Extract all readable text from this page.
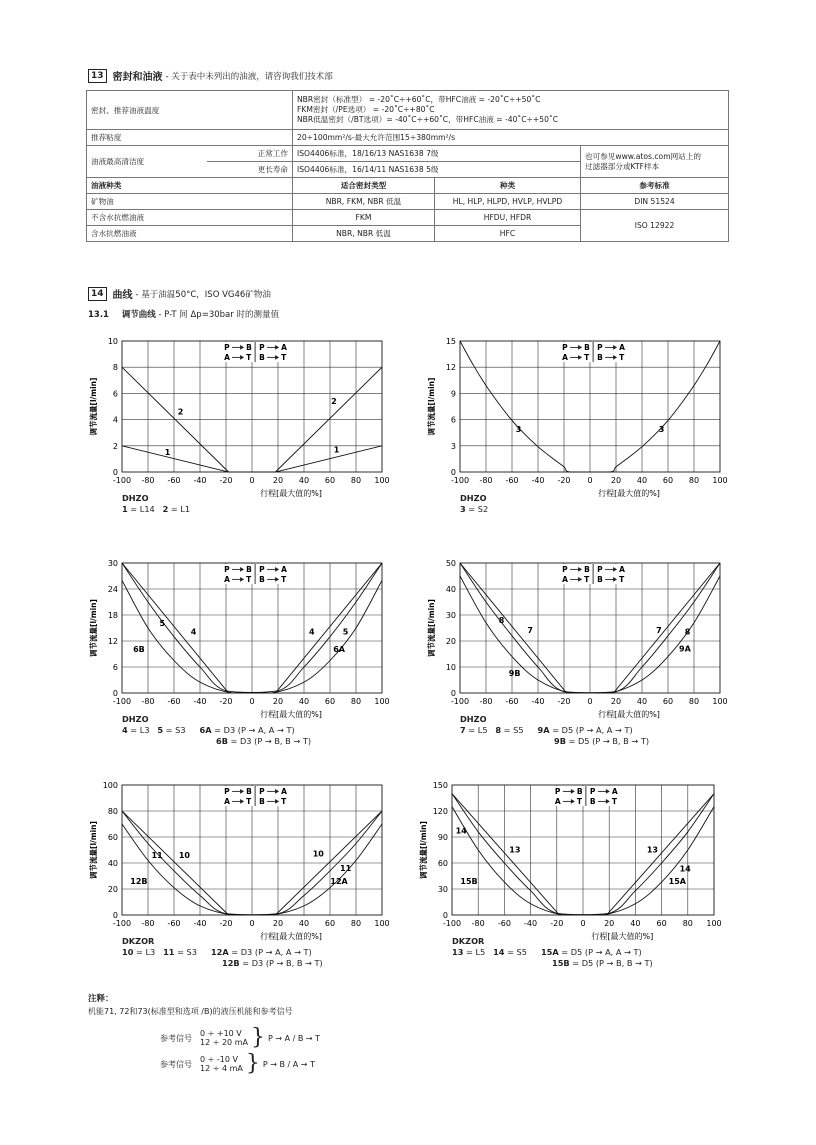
13 密封和油液 - 关于表中未列出的油液，请咨询我们技术部
密封、推荐油液温度		NBR密封（标准型） = -20˚C÷+60˚C，带HFC油液 = -20˚C÷+50˚C
FKM密封（/PE选项） = -20˚C÷+80˚C
NBR低温密封（/BT选项）= -40˚C÷+60˚C，带HFC油液 = -40˚C÷+50˚C		

推荐粘度		20÷100mm²/s-最大允许范围15÷380mm²/s		
油液最高清洁度	正常工作	ISO4406标准，18/16/13 NAS1638 7级		也可参见www.atos.com网站上的
过滤器部分或KTF样本

	更长寿命	ISO4406标准，16/14/11 NAS1638 5级		
油液种类		适合密封类型	种类	参考标准
矿物油		NBR, FKM, NBR 低温	HL, HLP, HLPD, HVLP, HVLPD	DIN 51524
不含水抗燃油液		FKM	HFDU, HFDR	ISO 12922
含水抗燃油液		NBR, NBR 低温	HFC	
14 曲线 - 基于油温50°C，ISO VG46矿物油
13.1 调节曲线 - P-T 间 Δp=30bar 时的测量值
0
2
4
6
8
10
-100 -80 -60 -40 -20 0 20 40 60 80 100
调节流量[l/min]
行程[最大值的%]
P B P A
A T B T
2
1
2
1
DHZO
1 = L14   2 = L1
0
3
6
9
12
15
-100 -80 -60 -40 -20 0 20 40 60 80 100
调节流量[l/min]
行程[最大值的%]
P B P A
A T B T
3	3
DHZO
3 = S2
0
6
12
18
24
30
-100 -80 -60 -40 -20 0 20 40 60 80 100
调节流量[l/min]
行程[最大值的%]
P B P A
A T B T
5
4
6B
4	5
6A
DHZO
4 = L3   5 = S3 6A = D3 (P → A, A → T)
6B = D3 (P → B, B → T)
0
10
20
30
40
50
-100 -80 -60 -40 -20 0 20 40 60 80 100
调节流量[l/min]
行程[最大值的%]
P B P A
A T B T
8
7
9B
7	8
9A
DHZO
7 = L5   8 = S5 9A = D5 (P → A, A → T)
9B = D5 (P → B, B → T)
0
20
40
60
80
100
-100 -80 -60 -40 -20 0 20 40 60 80 100
调节流量[l/min]
行程[最大值的%]
P B P A
A T B T
11 10
12B
10
11
12A
DKZOR
10 = L3   11 = S3 12A = D3 (P → A, A → T)
12B = D3 (P → B, B → T)
0
30
60
90
120
150
-100 -80 -60 -40 -20 0 20 40 60 80 100
调节流量[l/min]
行程[最大值的%]
P B P A
A T B T
14
13
15B
13
14
15A
DKZOR
13 = L5   14 = S5 15A = D5 (P → A, A → T)
15B = D5 (P → B, B → T)
注释：
机能71, 72和73(标准型和选项 /B)的液压机能和参考信号
参考信号
0 ÷ +10 V
12 ÷ 20 mA } P → A / B → T
参考信号
0 ÷ -10 V
12 ÷ 4 mA } P → B / A → T
